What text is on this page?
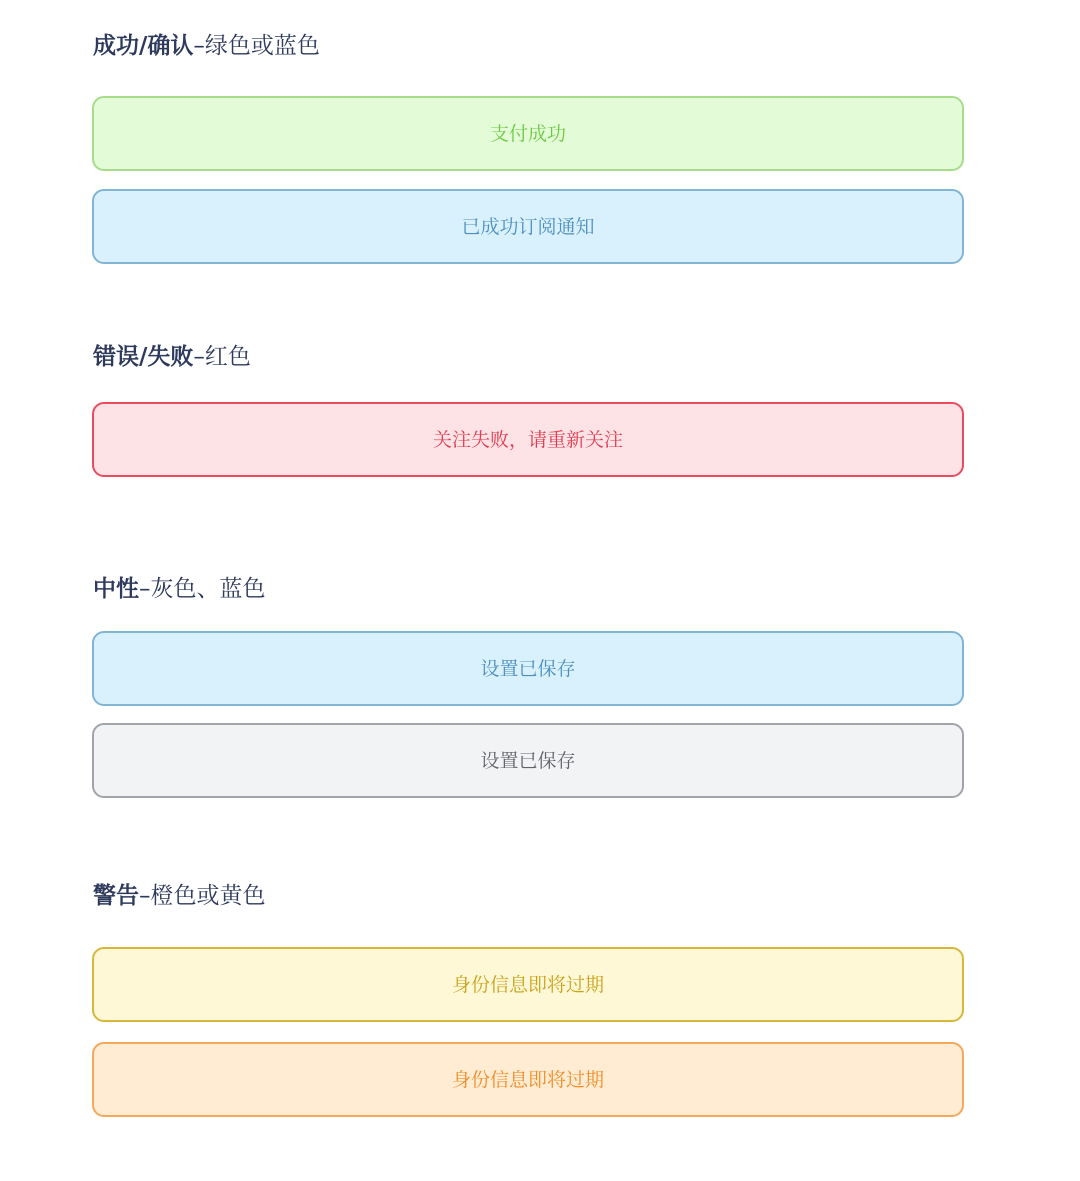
成功/确认–绿色或蓝色
支付成功
已成功订阅通知
错误/失败–红色
关注失败，请重新关注
中性–灰色、蓝色
设置已保存
设置已保存
警告–橙色或黄色
身份信息即将过期
身份信息即将过期
